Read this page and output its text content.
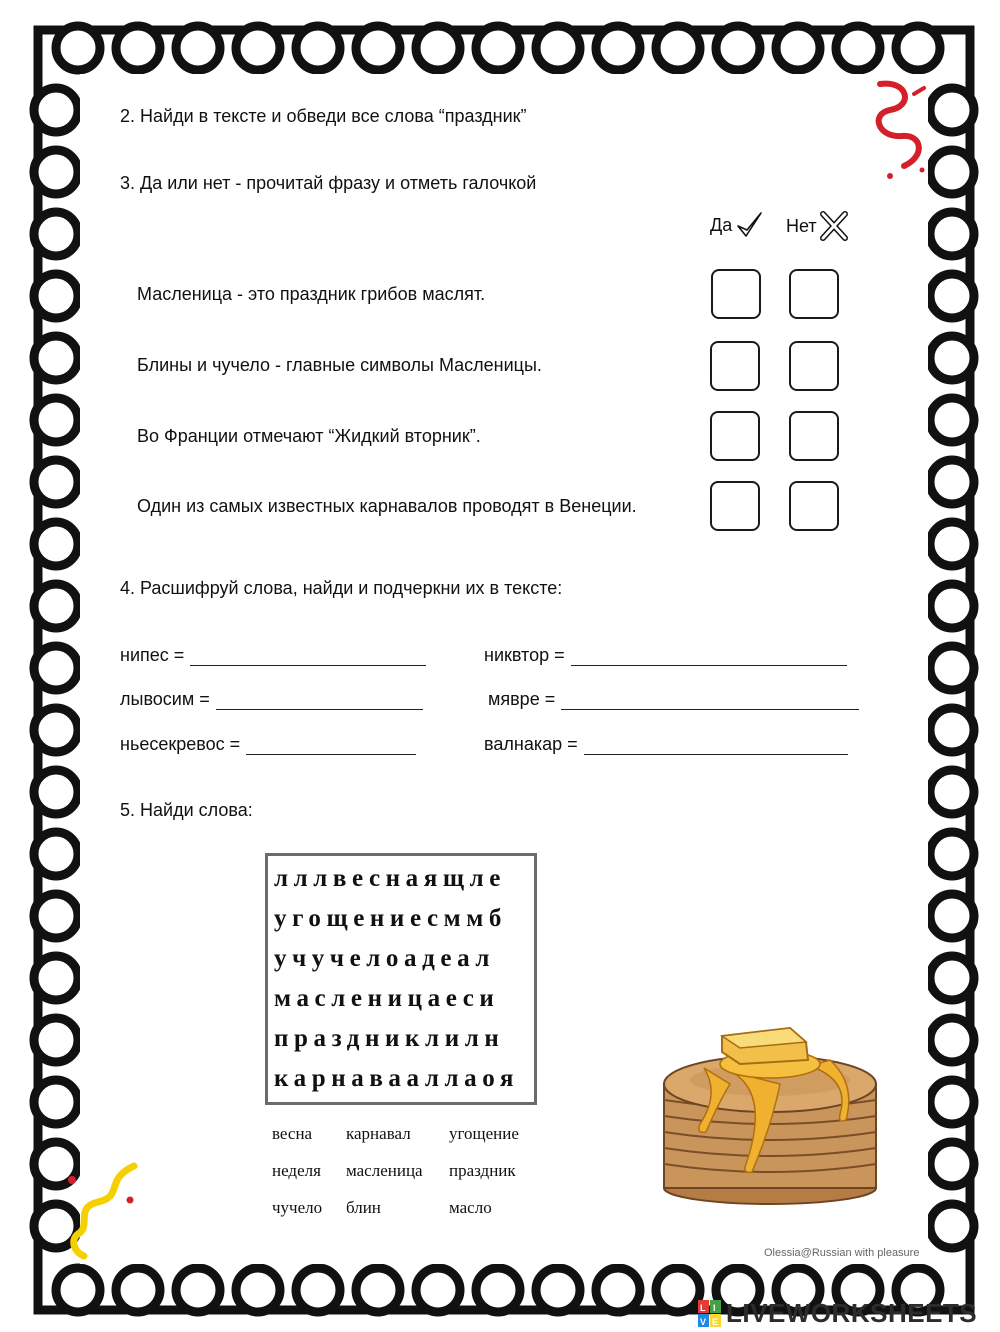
2. Найди в тексте и обведи все слова “праздник”
3. Да или нет - прочитай фразу и отметь галочкой
Да	Нет
Масленица - это праздник грибов маслят.
Блины и чучело - главные символы Масленицы.
Во Франции отмечают “Жидкий вторник”.
Один из самых известных карнавалов проводят в Венеции.
4. Расшифруй слова, найди и подчеркни их в тексте:
нипес =	никвтор =
лывосим =	мявре =
ньесекревос =	валнакар =
5. Найди слова:
лллвеснаящле
угощениесммб
учучелоадеал
масленицаеси
праздниклилн
карнавааллаоя
весна	карнавал	угощение
неделя	масленица	праздник
чучело	блин	масло
Olessia@Russian with pleasure
L I
V E LIVEWORKSHEETS
